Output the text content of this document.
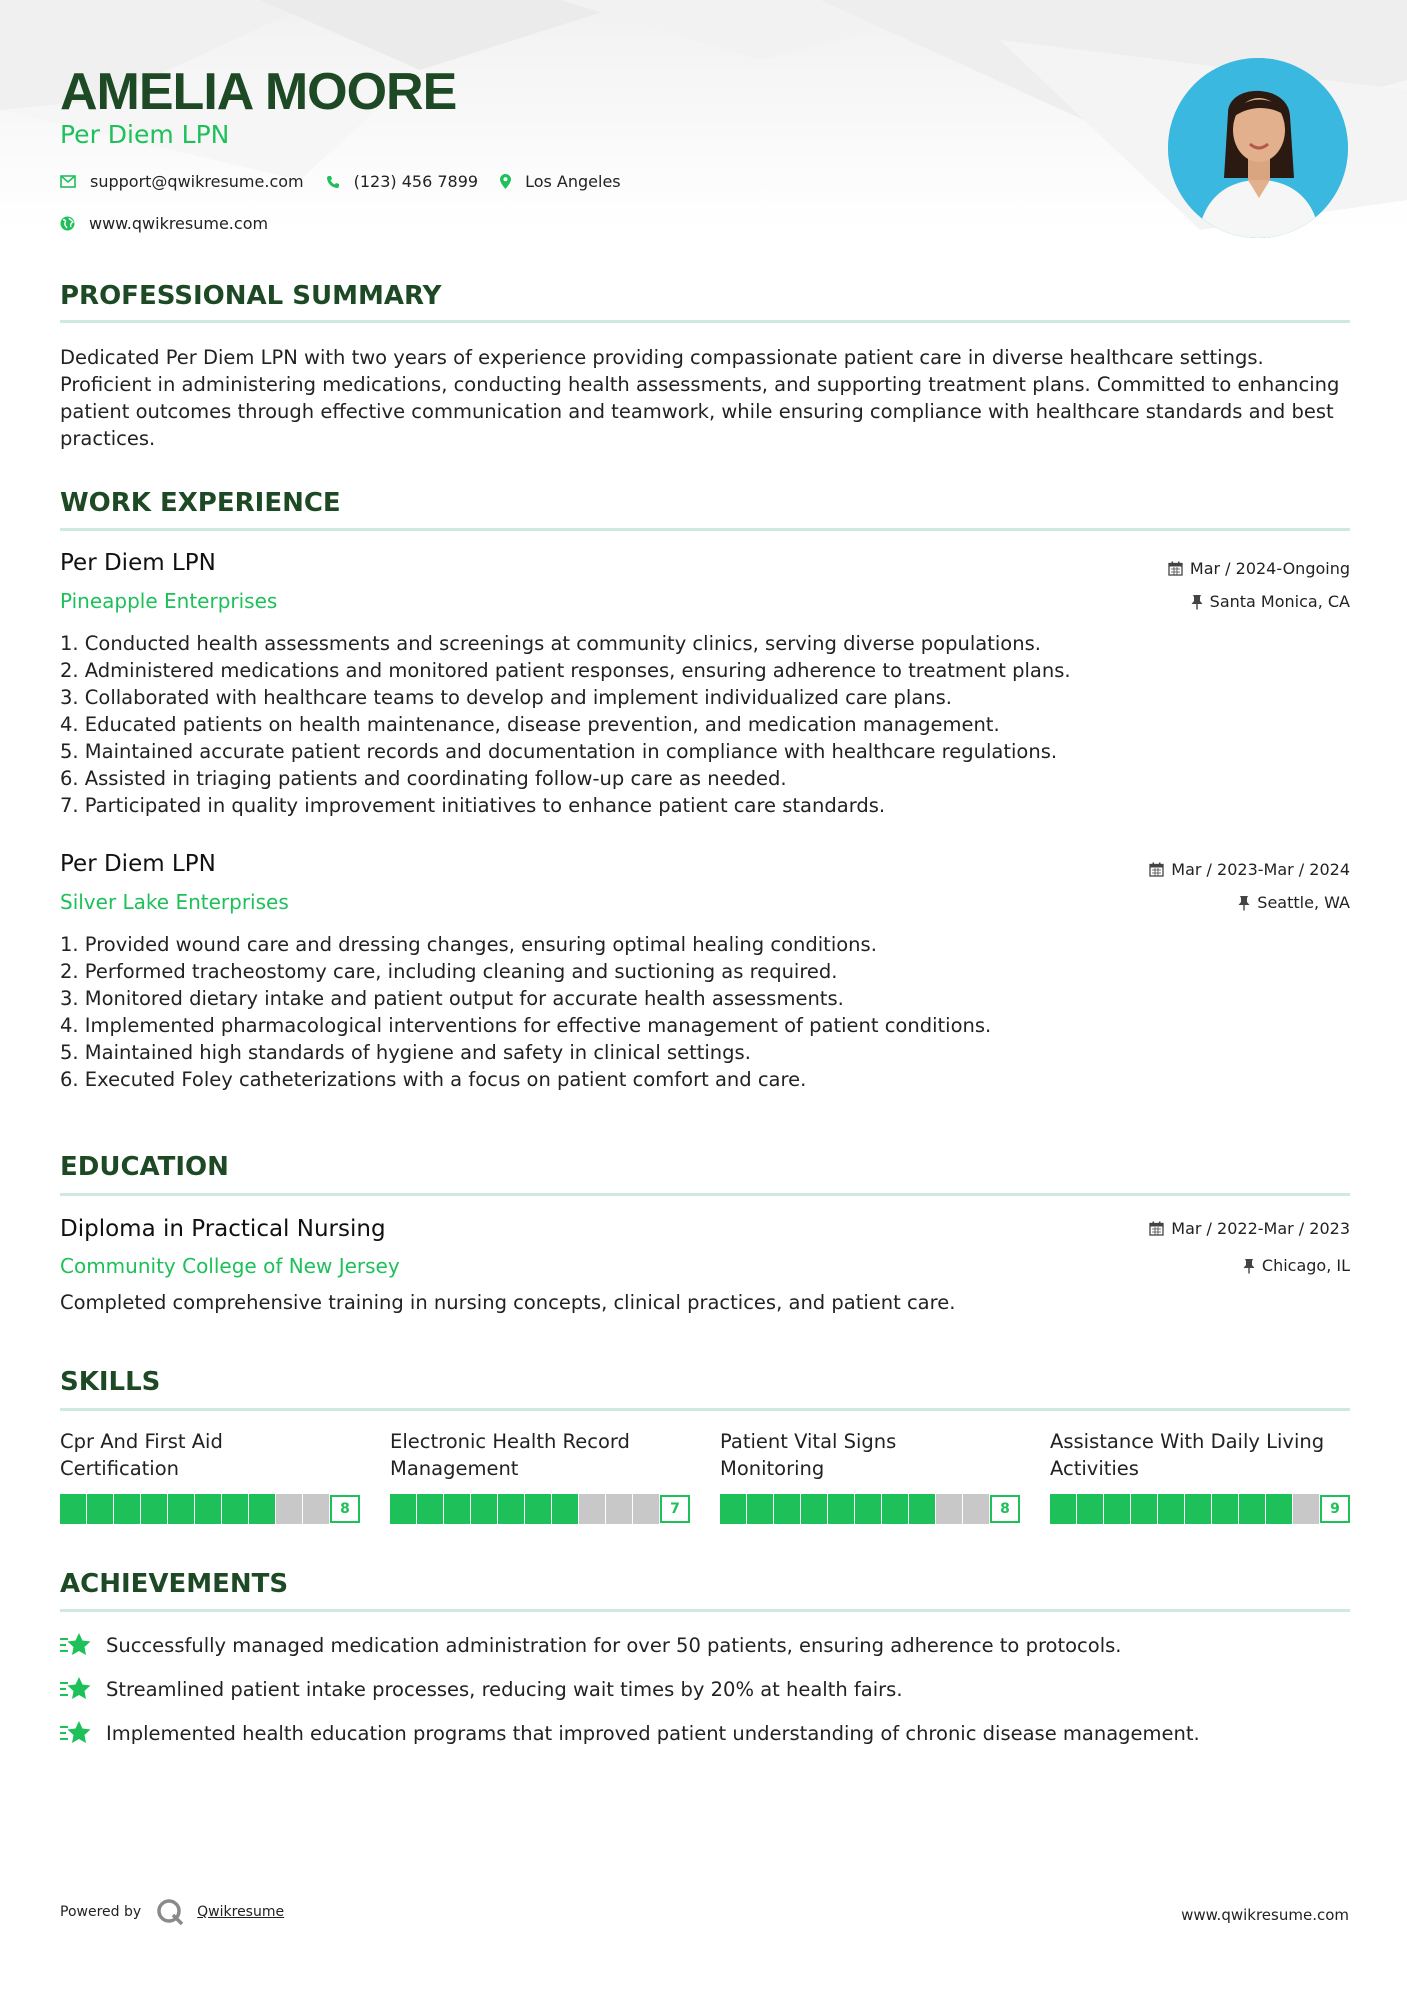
AMELIA MOORE
Per Diem LPN
support@qwikresume.com	(123) 456 7899	Los Angeles
www.qwikresume.com
PROFESSIONAL SUMMARY

Dedicated Per Diem LPN with two years of experience providing compassionate patient care in diverse healthcare settings. Proficient in administering medications, conducting health assessments, and supporting treatment plans. Committed to enhancing patient outcomes through effective communication and teamwork, while ensuring compliance with healthcare standards and best practices.

WORK EXPERIENCE
Per Diem LPN
Pineapple Enterprises
Mar / 2024-Ongoing
Santa Monica, CA
1. Conducted health assessments and screenings at community clinics, serving diverse populations.
2. Administered medications and monitored patient responses, ensuring adherence to treatment plans.
3. Collaborated with healthcare teams to develop and implement individualized care plans.
4. Educated patients on health maintenance, disease prevention, and medication management.
5. Maintained accurate patient records and documentation in compliance with healthcare regulations.
6. Assisted in triaging patients and coordinating follow-up care as needed.
7. Participated in quality improvement initiatives to enhance patient care standards.
Per Diem LPN
Silver Lake Enterprises
Mar / 2023-Mar / 2024
Seattle, WA
1. Provided wound care and dressing changes, ensuring optimal healing conditions.
2. Performed tracheostomy care, including cleaning and suctioning as required.
3. Monitored dietary intake and patient output for accurate health assessments.
4. Implemented pharmacological interventions for effective management of patient conditions.
5. Maintained high standards of hygiene and safety in clinical settings.
6. Executed Foley catheterizations with a focus on patient comfort and care.
EDUCATION
Diploma in Practical Nursing
Community College of New Jersey
Mar / 2022-Mar / 2023
Chicago, IL

Completed comprehensive training in nursing concepts, clinical practices, and patient care.

SKILLS
Cpr And First Aid
Certification
8
Electronic Health Record
Management
7
Patient Vital Signs
Monitoring
8
Assistance With Daily Living
Activities
9
ACHIEVEMENTS
Successfully managed medication administration for over 50 patients, ensuring adherence to protocols.
Streamlined patient intake processes, reducing wait times by 20% at health fairs.
Implemented health education programs that improved patient understanding of chronic disease management.
Powered by	Qwikresume	www.qwikresume.com
